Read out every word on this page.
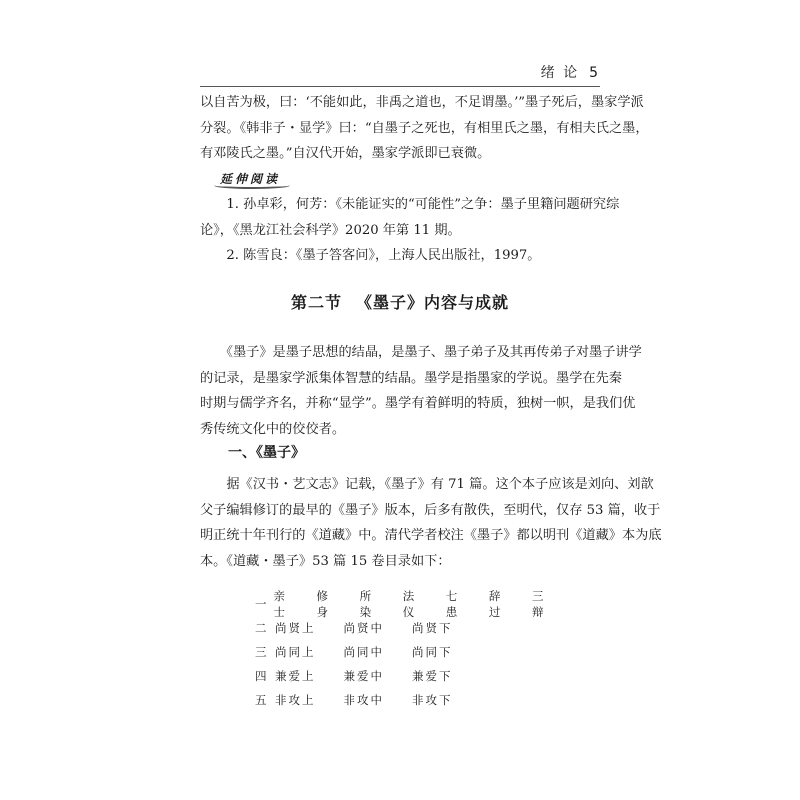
绪 论 5

以自苦为极，曰：‘不能如此，非禹之道也，不足谓墨。’”墨子死后，墨家学派
分裂。《韩非子・显学》曰：“自墨子之死也，有相里氏之墨，有相夫氏之墨，
有邓陵氏之墨。”自汉代开始，墨家学派即已衰微。

延伸阅读

　　1. 孙卓彩，何芳：《未能证实的“可能性”之争：墨子里籍问题研究综
论》，《黑龙江社会科学》2020 年第 11 期。
　　2. 陈雪良：《墨子答客问》，上海人民出版社，1997。

第二节 《墨子》内容与成就

　　《墨子》是墨子思想的结晶，是墨子、墨子弟子及其再传弟子对墨子讲学
的记录，是墨家学派集体智慧的结晶。墨学是指墨家的学说。墨学在先秦
时期与儒学齐名，并称“显学”。墨学有着鲜明的特质，独树一帜，是我们优
秀传统文化中的佼佼者。

一、《墨子》

　　据《汉书・艺文志》记载，《墨子》有 71 篇。这个本子应该是刘向、刘歆
父子编辑修订的最早的《墨子》版本，后多有散佚，至明代，仅存 53 篇，收于
明正统十年刊行的《道藏》中。清代学者校注《墨子》都以明刊《道藏》本为底
本。《道藏・墨子》53 篇 15 卷目录如下：

一
亲士
修身
所染
法仪
七患
辞过
三辩
二 尚贤上 尚贤中 尚贤下
三 尚同上 尚同中 尚同下
四 兼爱上 兼爱中 兼爱下
五 非攻上 非攻中 非攻下
